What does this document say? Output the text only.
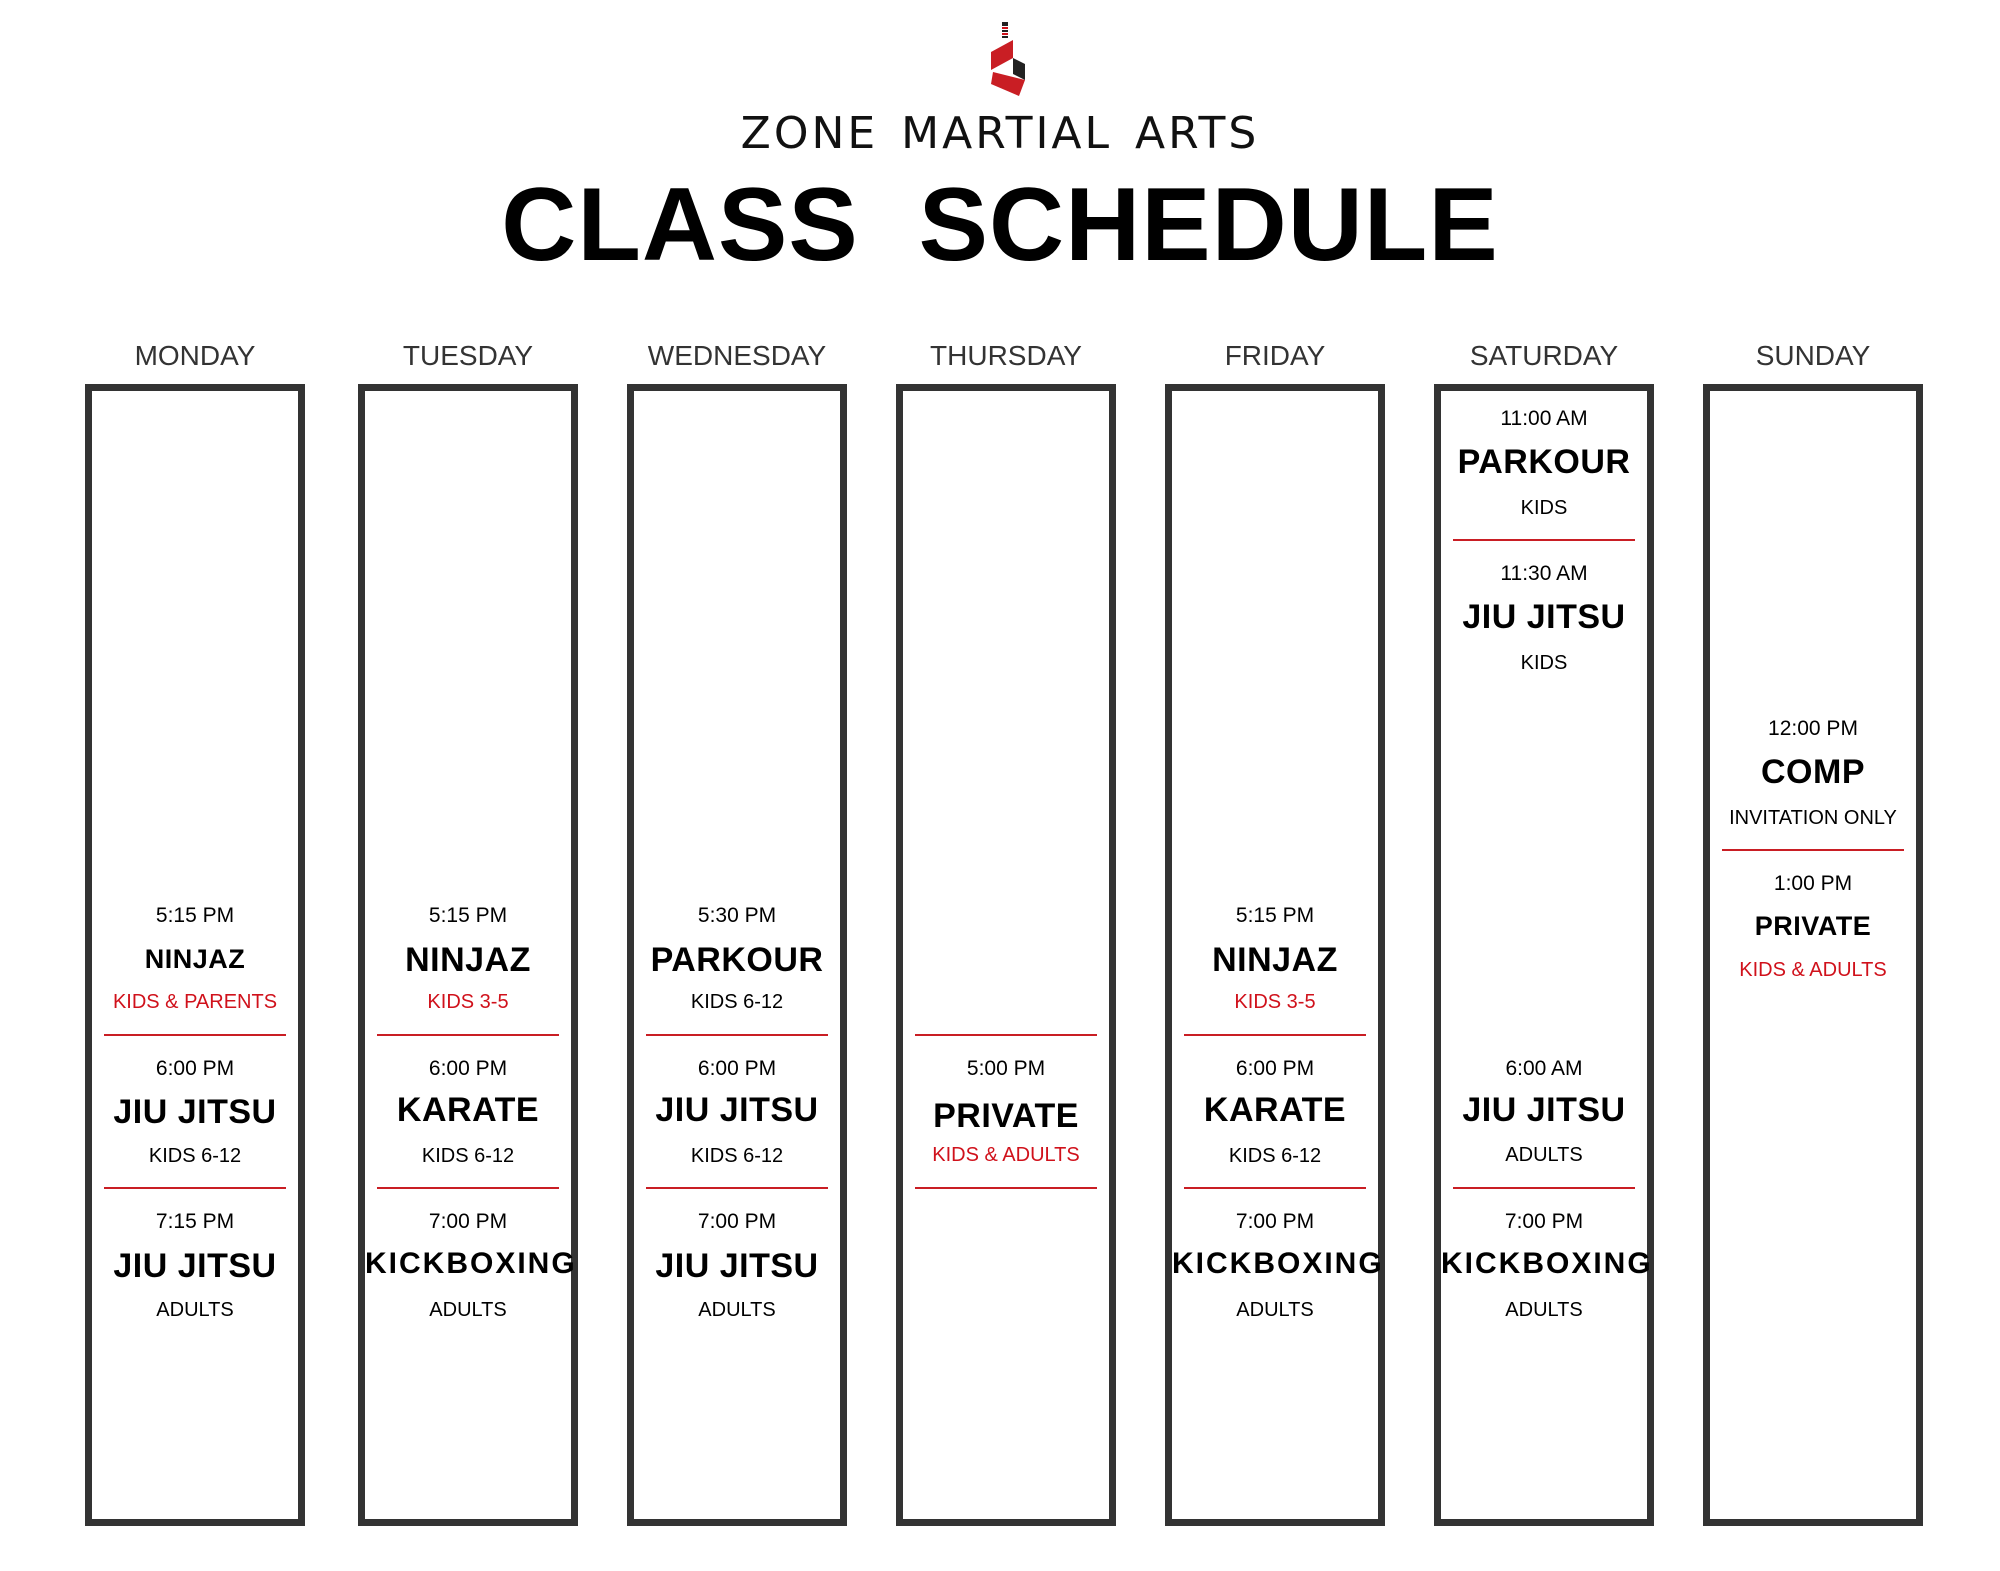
ZONE MARTIAL ARTS
CLASS SCHEDULE
MONDAY
5:15 PM
NINJAZ
KIDS & PARENTS
6:00 PM
JIU JITSU
KIDS 6-12
7:15 PM
JIU JITSU
ADULTS
TUESDAY
5:15 PM
NINJAZ
KIDS 3-5
6:00 PM
KARATE
KIDS 6-12
7:00 PM
KICKBOXING
ADULTS
WEDNESDAY
5:30 PM
PARKOUR
KIDS 6-12
6:00 PM
JIU JITSU
KIDS 6-12
7:00 PM
JIU JITSU
ADULTS
THURSDAY
5:00 PM
PRIVATE
KIDS & ADULTS
FRIDAY
5:15 PM
NINJAZ
KIDS 3-5
6:00 PM
KARATE
KIDS 6-12
7:00 PM
KICKBOXING
ADULTS
SATURDAY
11:00 AM
PARKOUR
KIDS
11:30 AM
JIU JITSU
KIDS
6:00 AM
JIU JITSU
ADULTS
7:00 PM
KICKBOXING
ADULTS
SUNDAY
12:00 PM
COMP
INVITATION ONLY
1:00 PM
PRIVATE
KIDS & ADULTS
